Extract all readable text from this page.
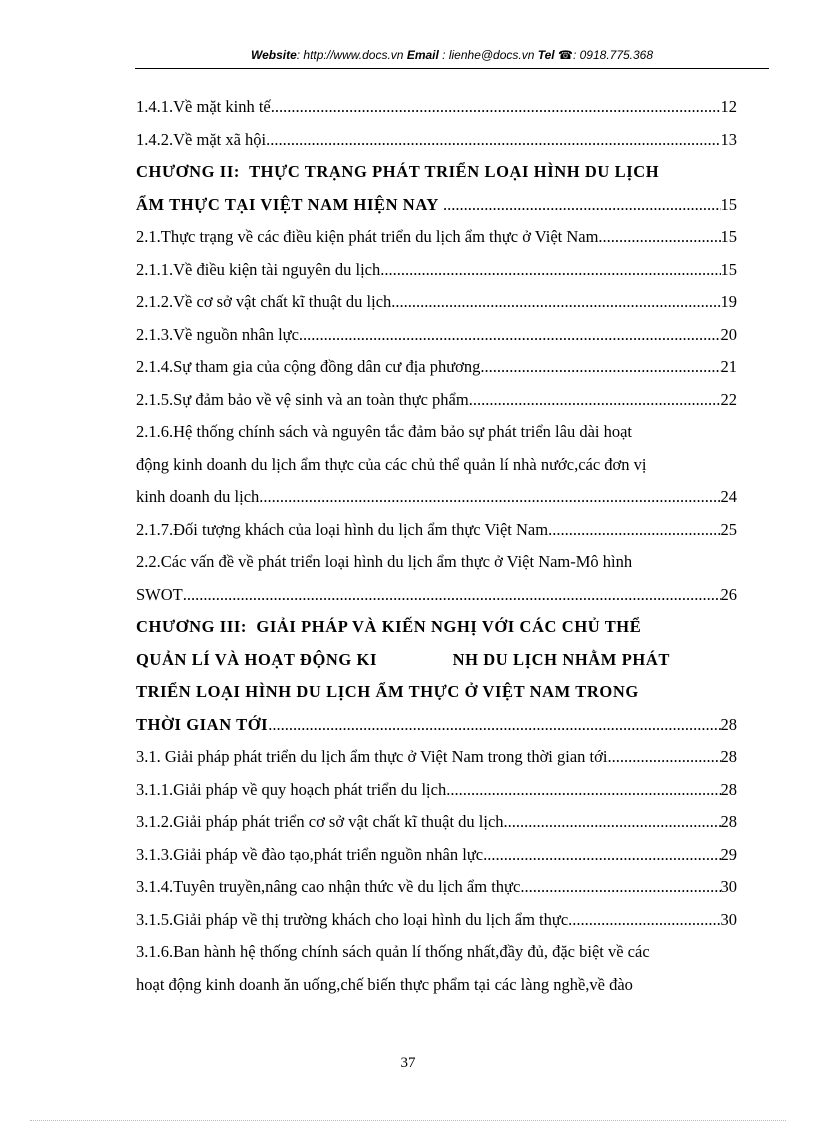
Website: http://www.docs.vn Email : lienhe@docs.vn Tel ☎: 0918.775.368
1.4.1.Về mặt kinh tế .....	12
1.4.2.Về mặt xã hội .....	13
CHƯƠNG II:  THỰC TRẠNG PHÁT TRIỂN LOẠI HÌNH DU LỊCH
ẨM THỰC TẠI VIỆT NAM HIỆN NAY .....	15
2.1.Thực trạng về các điều kiện phát triển du lịch ẩm thực ở Việt Nam .....	15
2.1.1.Về điều kiện tài nguyên du lịch .....	15
2.1.2.Về cơ sở vật chất kĩ thuật du lịch .....	19
2.1.3.Về nguồn nhân lực .....	20
2.1.4.Sự tham gia của cộng đồng dân cư địa phương .....	21
2.1.5.Sự đảm bảo về vệ sinh và an toàn thực phẩm .....	22
2.1.6.Hệ thống chính sách và nguyên tắc đảm bảo sự phát triển lâu dài hoạt
động kinh doanh du lịch ẩm thực của các chủ thể quản lí nhà nước,các đơn vị
kinh doanh du lịch .....	24
2.1.7.Đối tượng khách của loại hình du lịch ẩm thực Việt Nam .....	25
2.2.Các vấn đề về phát triển loại hình du lịch ẩm thực ở Việt Nam-Mô hình
SWOT .....	26
CHƯƠNG III:  GIẢI PHÁP VÀ KIẾN NGHỊ VỚI CÁC CHỦ THỂ
QUẢN LÍ VÀ HOẠT ĐỘNG KI                NH DU LỊCH NHẰM PHÁT
TRIỂN LOẠI HÌNH DU LỊCH ẨM THỰC Ở VIỆT NAM TRONG
THỜI GIAN TỚI .....	28
3.1. Giải pháp phát triển du lịch ẩm thực ở Việt Nam trong thời gian tới. .....	28
3.1.1.Giải pháp về quy hoạch phát triển du lịch .....	28
3.1.2.Giải pháp phát triển cơ sở vật chất kĩ thuật du lịch .....	28
3.1.3.Giải pháp về đào tạo,phát triển nguồn nhân lực .....	29
3.1.4.Tuyên truyền,nâng cao nhận thức về du lịch ẩm thực .....	30
3.1.5.Giải pháp về thị trường khách cho loại hình du lịch ẩm thực .....	30
3.1.6.Ban hành hệ thống chính sách quản lí thống nhất,đầy đủ, đặc biệt về các
hoạt động kinh doanh ăn uống,chế biến thực phẩm tại các làng nghề,về đào
37
